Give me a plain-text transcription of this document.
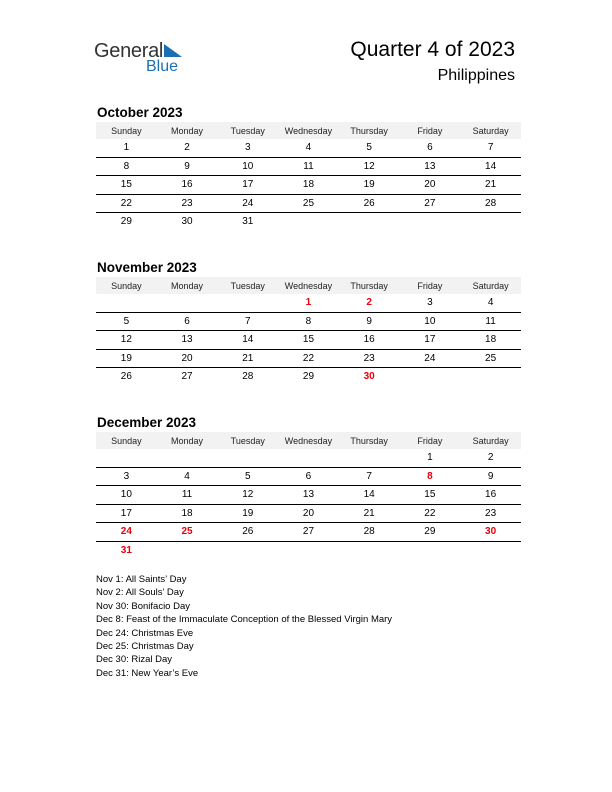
General
Blue
Quarter 4 of 2023
Philippines
October 2023
Sunday	Monday	Tuesday	Wednesday	Thursday	Friday	Saturday
1	2	3	4	5	6	7
8	9	10	11	12	13	14
15	16	17	18	19	20	21
22	23	24	25	26	27	28
29	30	31				
November 2023
Sunday	Monday	Tuesday	Wednesday	Thursday	Friday	Saturday
			1	2	3	4
5	6	7	8	9	10	11
12	13	14	15	16	17	18
19	20	21	22	23	24	25
26	27	28	29	30		
December 2023
Sunday	Monday	Tuesday	Wednesday	Thursday	Friday	Saturday
					1	2
3	4	5	6	7	8	9
10	11	12	13	14	15	16
17	18	19	20	21	22	23
24	25	26	27	28	29	30
31						
Nov 1: All Saints’ Day
Nov 2: All Souls’ Day
Nov 30: Bonifacio Day
Dec 8: Feast of the Immaculate Conception of the Blessed Virgin Mary
Dec 24: Christmas Eve
Dec 25: Christmas Day
Dec 30: Rizal Day
Dec 31: New Year’s Eve
